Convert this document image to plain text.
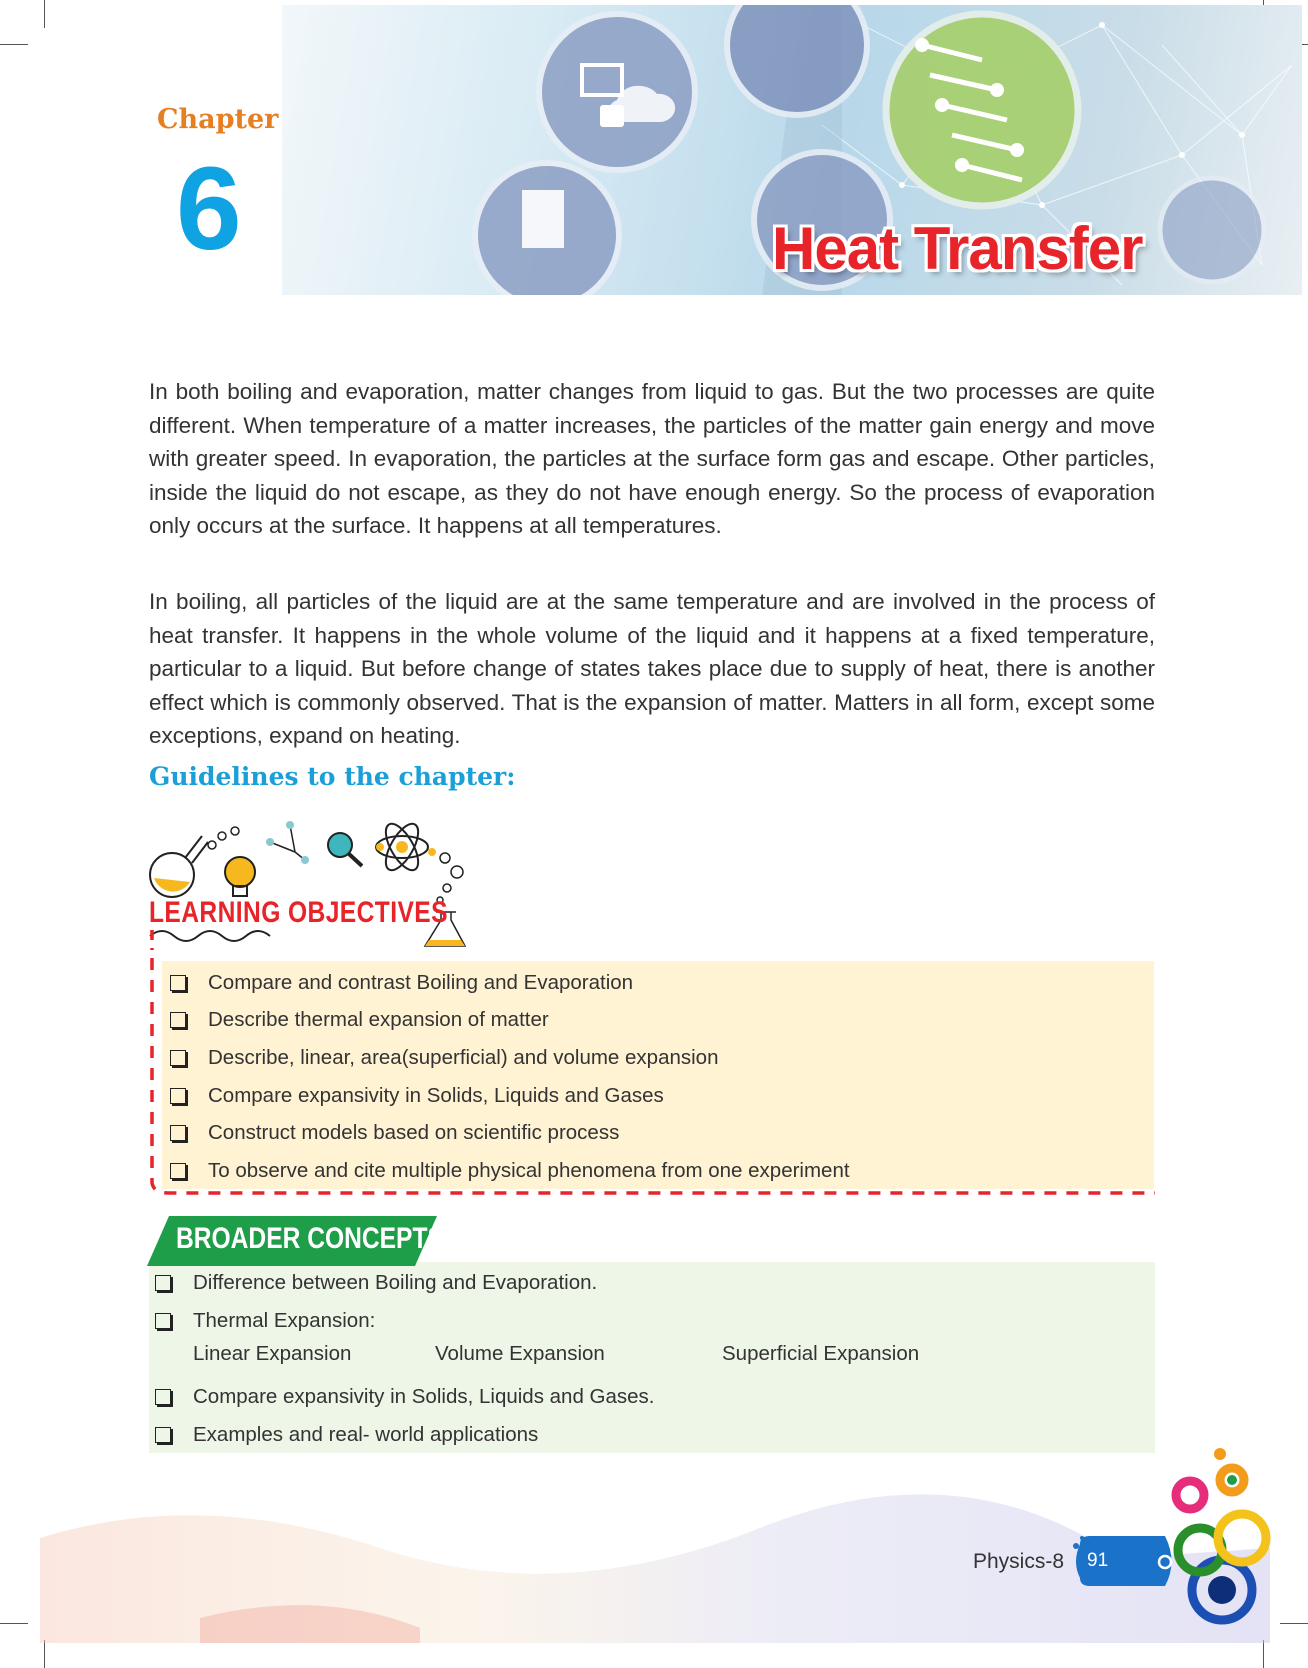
Chapter
6	Heat Transfer

In both boiling and evaporation, matter changes from liquid to gas. But the two processes are quite different. When temperature of a matter increases, the particles of the matter gain energy and move with greater speed. In evaporation, the particles at the surface form gas and escape. Other particles, inside the liquid do not escape, as they do not have enough energy. So the process of evaporation only occurs at the surface. It happens at all temperatures.

In boiling, all particles of the liquid are at the same temperature and are involved in the process of heat transfer. It happens in the whole volume of the liquid and it happens at a fixed temperature, particular to a liquid. But before change of states takes place due to supply of heat, there is another effect which is commonly observed. That is the expansion of matter. Matters in all form, except some exceptions, expand on heating.

Guidelines to the chapter:
LEARNING OBJECTIVES
Compare and contrast Boiling and Evaporation
Describe thermal expansion of matter
Describe, linear, area(superficial) and volume expansion
Compare expansivity in Solids, Liquids and Gases
Construct models based on scientific process
To observe and cite multiple physical phenomena from one experiment
BROADER CONCEPTS
Difference between Boiling and Evaporation.
Thermal Expansion:
Compare expansivity in Solids, Liquids and Gases.
Examples and real- world applications
Linear Expansion	Volume Expansion	Superficial Expansion
Physics-8 91
